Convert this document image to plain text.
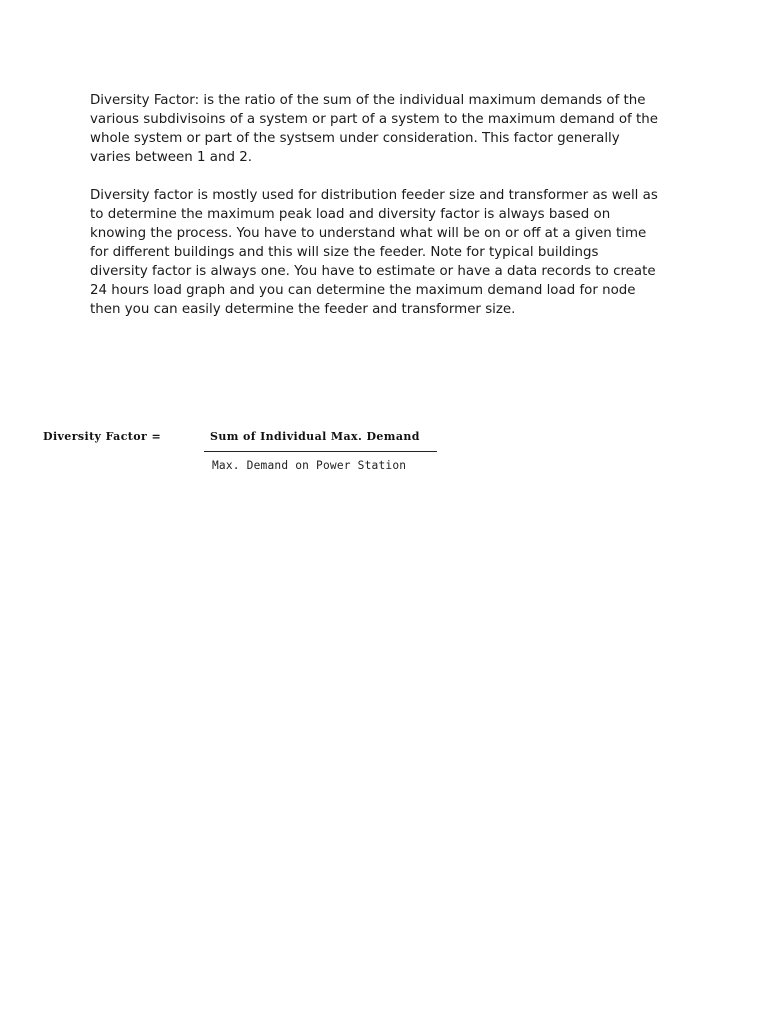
Diversity Factor: is the ratio of the sum of the individual maximum demands of the
various subdivisoins of a system or part of a system to the maximum demand of the
whole system or part of the systsem under consideration. This factor generally
varies between 1 and 2.

Diversity factor is mostly used for distribution feeder size and transformer as well as
to determine the maximum peak load and diversity factor is always based on
knowing the process. You have to understand what will be on or off at a given time
for different buildings and this will size the feeder. Note for typical buildings
diversity factor is always one. You have to estimate or have a data records to create
24 hours load graph and you can determine the maximum demand load for node
then you can easily determine the feeder and transformer size.

Diversity Factor =	Sum of Individual Max. Demand
Max. Demand on Power Station
